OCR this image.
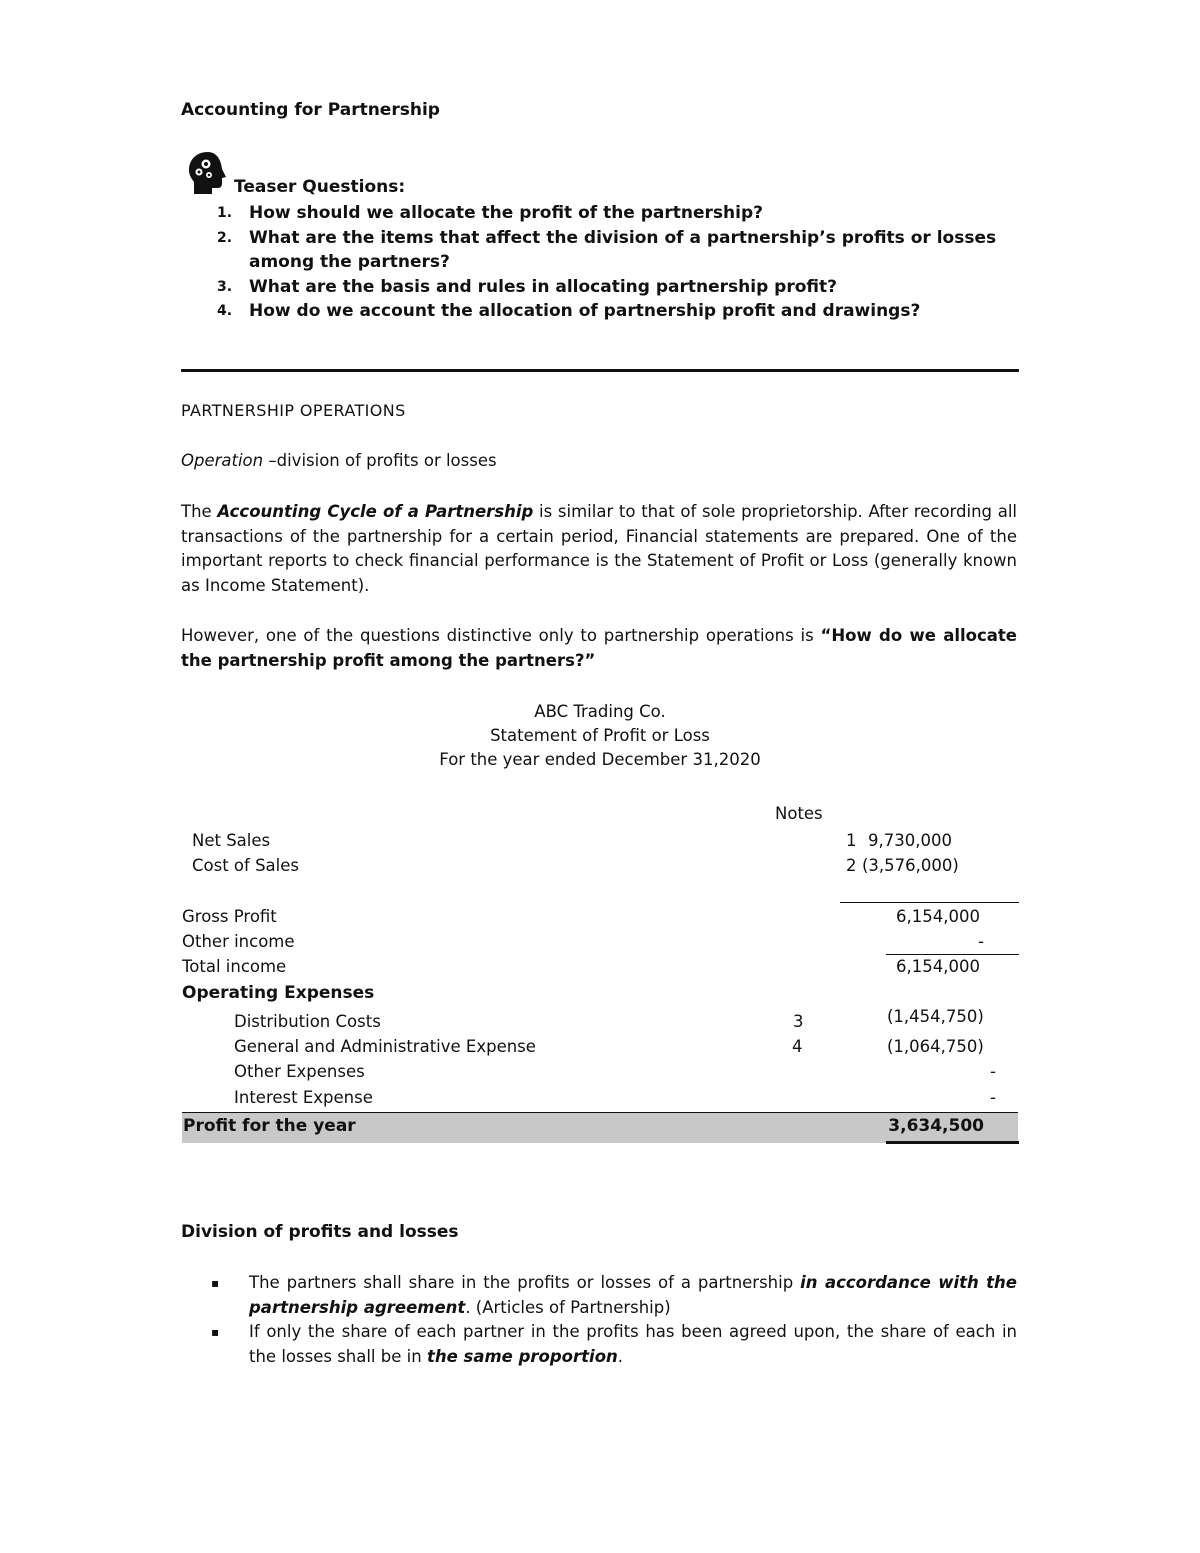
Accounting for Partnership
Teaser Questions:
1. How should we allocate the profit of the partnership?
2. What are the items that affect the division of a partnership’s profits or losses among the partners?
3. What are the basis and rules in allocating partnership profit?
4. How do we account the allocation of partnership profit and drawings?
PARTNERSHIP OPERATIONS
Operation –division of profits or losses
The Accounting Cycle of a Partnership is similar to that of sole proprietorship. After recording all transactions of the partnership for a certain period, Financial statements are prepared. One of the important reports to check financial performance is the Statement of Profit or Loss (generally known as Income Statement).
However, one of the questions distinctive only to partnership operations is “How do we allocate the partnership profit among the partners?”
ABC Trading Co.
Statement of Profit or Loss
For the year ended December 31,2020
Notes
Net Sales	1 9,730,000
Cost of Sales	2 (3,576,000)
Gross Profit	6,154,000
Other income	-
Total income	6,154,000
Operating Expenses
Distribution Costs	3	(1,454,750)
General and Administrative Expense	4	(1,064,750)
Other Expenses	-
Interest Expense	-
Profit for the year	3,634,500
Division of profits and losses
▪ The partners shall share in the profits or losses of a partnership in accordance with the partnership agreement. (Articles of Partnership)
▪ If only the share of each partner in the profits has been agreed upon, the share of each in the losses shall be in the same proportion.
